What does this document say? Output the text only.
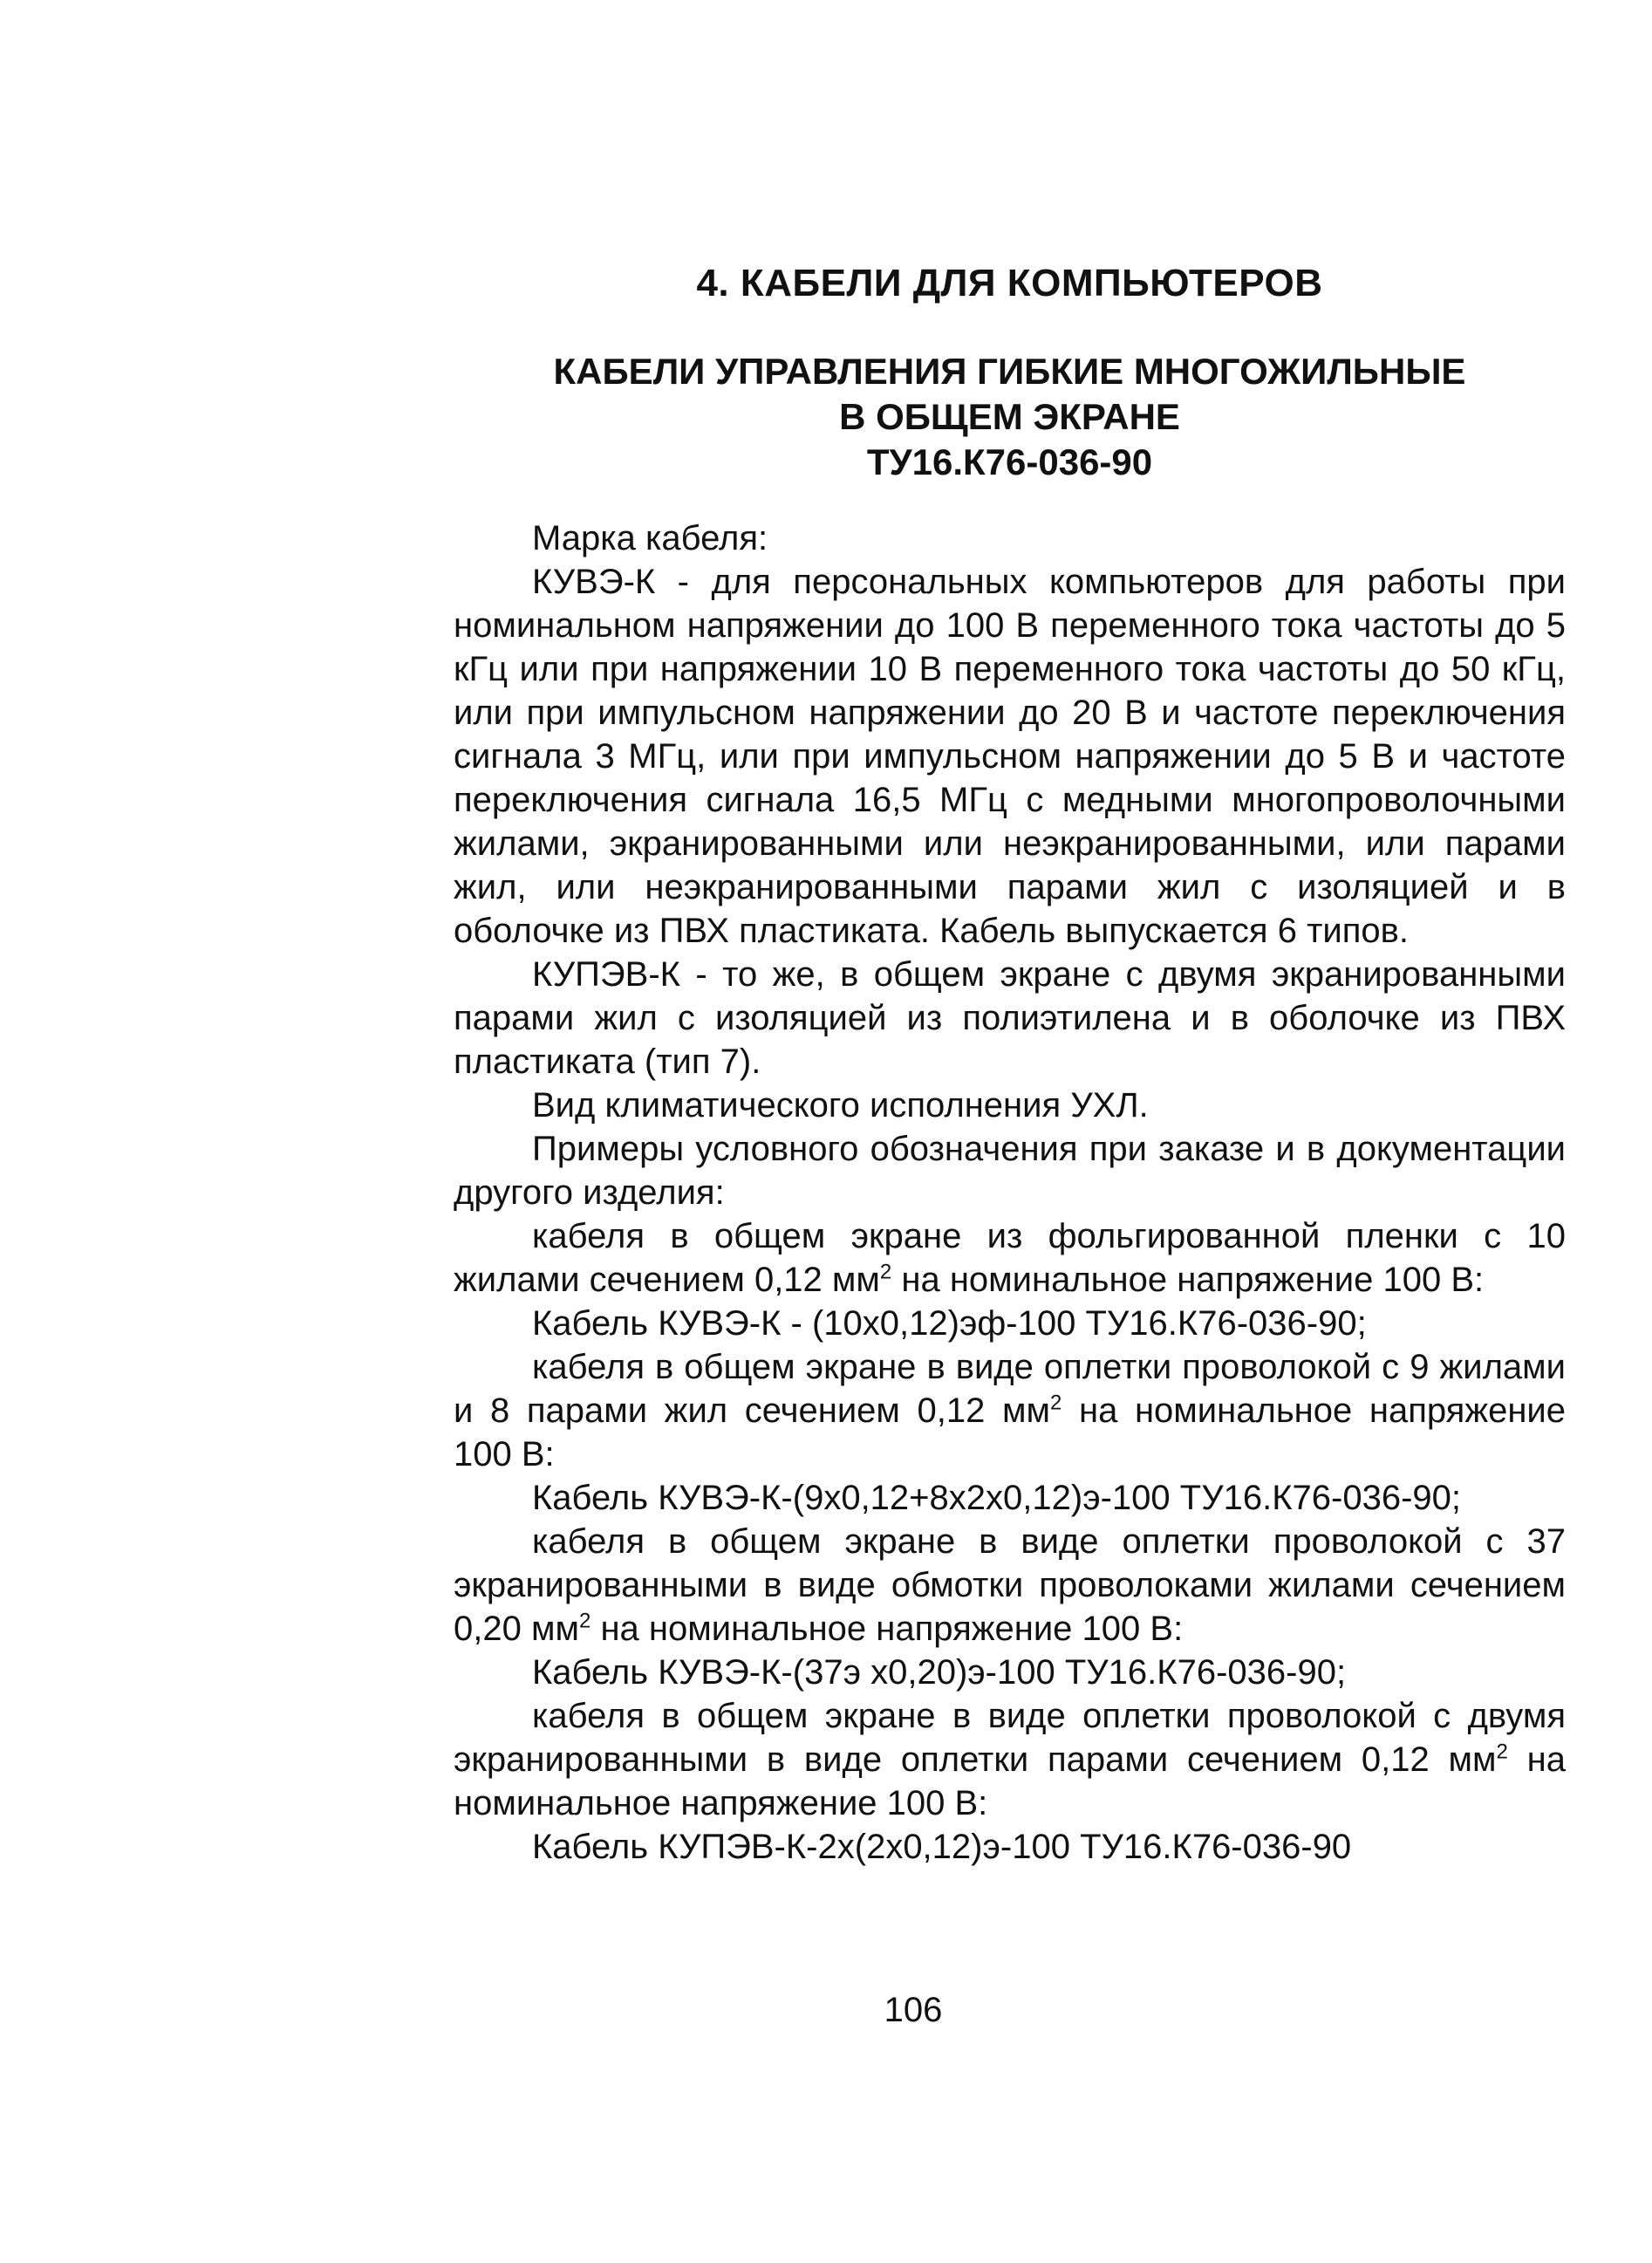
4. КАБЕЛИ ДЛЯ КОМПЬЮТЕРОВ
КАБЕЛИ УПРАВЛЕНИЯ ГИБКИЕ МНОГОЖИЛЬНЫЕ
В ОБЩЕМ ЭКРАНЕ
ТУ16.К76-036-90

Марка кабеля:

КУВЭ-К - для персональных компьютеров для работы при номинальном напряжении до 100 В переменного тока частоты до 5 кГц или при напряжении 10 В переменного тока частоты до 50 кГц, или при импульсном напряжении до 20 В и частоте переключения сигнала 3 МГц, или при импульсном напряжении до 5 В и частоте переключения сигнала 16,5 МГц с медными многопроволочными жилами, экранированными или неэкранированными, или парами жил, или неэкранированными парами жил с изоляцией и в оболочке из ПВХ пластиката. Кабель выпускается 6 типов.

КУПЭВ-К - то же, в общем экране с двумя экранированными парами жил с изоляцией из полиэтилена и в оболочке из ПВХ пластиката (тип 7).

Вид климатического исполнения УХЛ.

Примеры условного обозначения при заказе и в документации другого изделия:

кабеля в общем экране из фольгированной пленки с 10 жилами сечением 0,12 $мм^2$ на номинальное напряжение 100 В:

Кабель КУВЭ-К - (10х0,12)эф-100 ТУ16.К76-036-90;

кабеля в общем экране в виде оплетки проволокой с 9 жилами и 8 парами жил сечением 0,12 $мм^2$ на номинальное напряжение 100 В:

Кабель КУВЭ-К-(9х0,12+8х2х0,12)э-100 ТУ16.К76-036-90;

кабеля в общем экране в виде оплетки проволокой с 37 экранированными в виде обмотки проволоками жилами сечением 0,20 $мм^2$ на номинальное напряжение 100 В:

Кабель КУВЭ-К-(37э х0,20)э-100 ТУ16.К76-036-90;

кабеля в общем экране в виде оплетки проволокой с двумя экранированными в виде оплетки парами сечением 0,12 $мм^2$ на номинальное напряжение 100 В:

Кабель КУПЭВ-К-2х(2х0,12)э-100 ТУ16.К76-036-90

106
